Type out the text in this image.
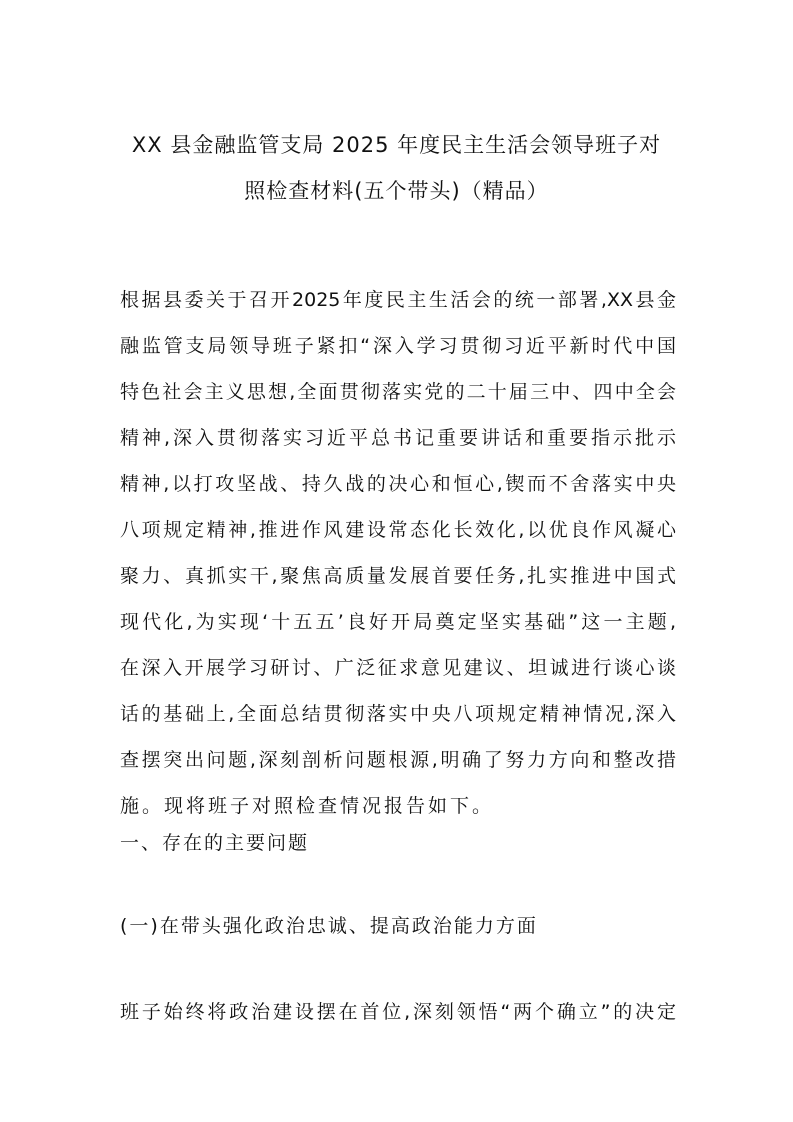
XX 县金融监管支局 2025 年度民主生活会领导班子对
照检查材料(五个带头)（精品）
根据县委关于召开2025年度民主生活会的统一部署,XX县金
融监管支局领导班子紧扣“深入学习贯彻习近平新时代中国
特色社会主义思想,全面贯彻落实党的二十届三中、四中全会
精神,深入贯彻落实习近平总书记重要讲话和重要指示批示
精神,以打攻坚战、持久战的决心和恒心,锲而不舍落实中央
八项规定精神,推进作风建设常态化长效化,以优良作风凝心
聚力、真抓实干,聚焦高质量发展首要任务,扎实推进中国式
现代化,为实现‘十五五’良好开局奠定坚实基础”这一主题,
在深入开展学习研讨、广泛征求意见建议、坦诚进行谈心谈
话的基础上,全面总结贯彻落实中央八项规定精神情况,深入
查摆突出问题,深刻剖析问题根源,明确了努力方向和整改措
施。现将班子对照检查情况报告如下。
一、存在的主要问题
(一)在带头强化政治忠诚、提高政治能力方面
班子始终将政治建设摆在首位,深刻领悟“两个确立”的决定
